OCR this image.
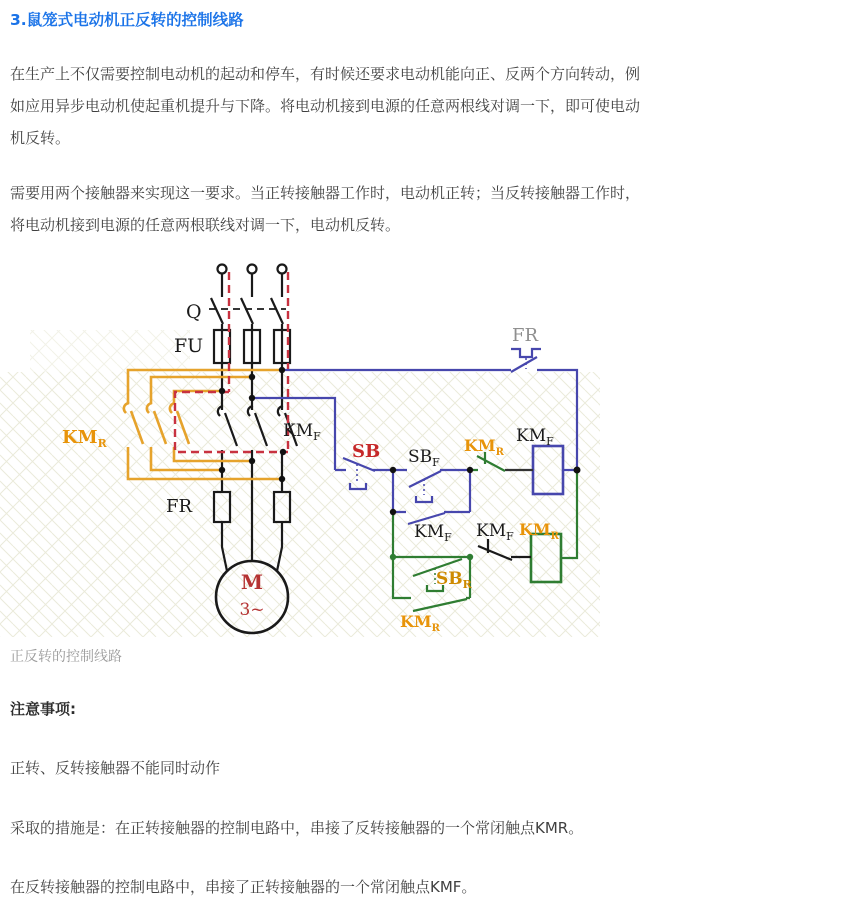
3.鼠笼式电动机正反转的控制线路
在生产上不仅需要控制电动机的起动和停车，有时候还要求电动机能向正、反两个方向转动，例
如应用异步电动机使起重机提升与下降。将电动机接到电源的任意两根线对调一下，即可使电动
机反转。
需要用两个接触器来实现这一要求。当正转接触器工作时，电动机正转；当反转接触器工作时，
将电动机接到电源的任意两根联线对调一下，电动机反转。
Q
FU
FR
$KM_R$
$KM_F$
FR
SB $SB_F$
$KM_R$
$KM_F$
$KM_F$ $KM_F$ $KM_R$
$SB_R$
$KM_R$
M
3~
正反转的控制线路
注意事项:
正转、反转接触器不能同时动作
采取的措施是：在正转接触器的控制电路中，串接了反转接触器的一个常闭触点KMR。
在反转接触器的控制电路中，串接了正转接触器的一个常闭触点KMF。
